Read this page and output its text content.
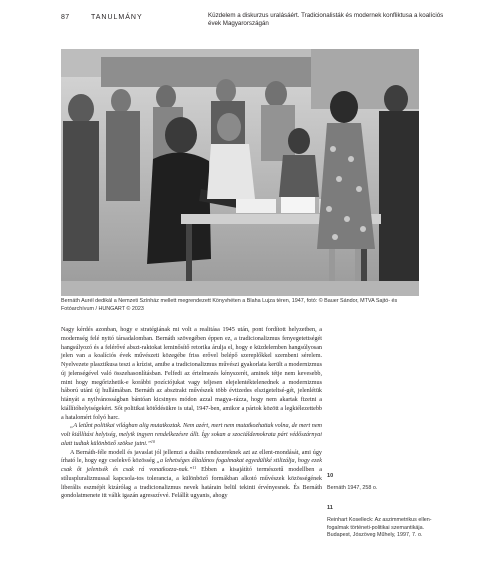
87	TANULMÁNY	Küzdelem a diskurzus uralásáért. Tradicionalisták és modernek konfliktusa a koalíciós évek Magyarországán
Bernáth Aurél dedikál a Nemzeti Színház mellett megrendezett Könyvhéten a Blaha Lujza téren, 1947, fotó: © Bauer Sándor, MTVA Sajtó- és Fotóarchívum / HUNGART © 2023

Nagy kérdés azonban, hogy e stratégiának mi volt a realitása 1945 után, pont fordított helyzetben, a modernség felé nyitó társadalomban. Bernáth szövegében éppen ez, a tradicionalizmus fenyegetettségét hangsúlyozó és a felérővé abszt-raktokat leminősítő retorika árulja el, hogy e küzdelemben hangsúlyosan jelen van a koalíciós évek művészeti közegébe friss erővel belépő szereplőkkel szembeni sérelem. Nyelvezete plasztikusa teszi a krízist, amibe a tradicionalizmus művészi gyakorlata került a modernizmus új jelenségével való összehasonlításban. Felfedi az értelmezés kényszerét, aminek tétje nem kevesebb, mint hogy megőrizhetik-e korábbi pozíciójukat vagy teljesen elejelentéktelenednek a modernizmus háború utáni új hullámában. Bernáth az absztrakt művészek több évtizedes elszigeteltsé-gét, jelenlétük hiányát a nyilvánosságban bántóan kicsinyes módon azzal magya-rázza, hogy nem akartak fizetni a kiállítóhelyiségekért. Sőt politikai kötődésükre is utal, 1947-ben, amikor a pártok között a legkiélezettebb a hatalomért folyó harc.

„A letűnt politikai világban alig mutatkoztak. Nem azért, mert nem mutatkozhattak volna, de mert nem volt kiállítási helyiség, melyik ingyen rendelkezésre állt. Így sokan a szociáldemokrata párt védőszárnyai alatt tudtak különböző szökse jutni.”$^{10}$

A Bernáth-féle modell és javaslat jól jellemzi a duális rendszereknek azt az ellent-mondását, ami úgy írható le, hogy egy cselekvő közösség „a lehetséges általános fogalmakat egyedüliké stilizálja, hogy ezek csak őt jelentsék és csak rá vonatkozza-nak.”$^{11}$ Ebben a kisajátító természetű modellben a stíluspluralizmussal kapcsola-tos tolerancia, a különböző formákban alkotó művészek közösségének liberális eszméjét kizárólag a tradicionalizmus nevek határain belül tekinti érvényesnek. És Bernáth gondolatmenete itt válik igazán agresszívvé. Felállít ugyanis, ahogy

10
Bernáth 1947, 258 o.
11
Reinhart Koselleck: Az aszimmetrikus ellen-fogalmak történeti-politikai szemantikája. Budapest, Jószöveg Műhely, 1997, 7. o.
